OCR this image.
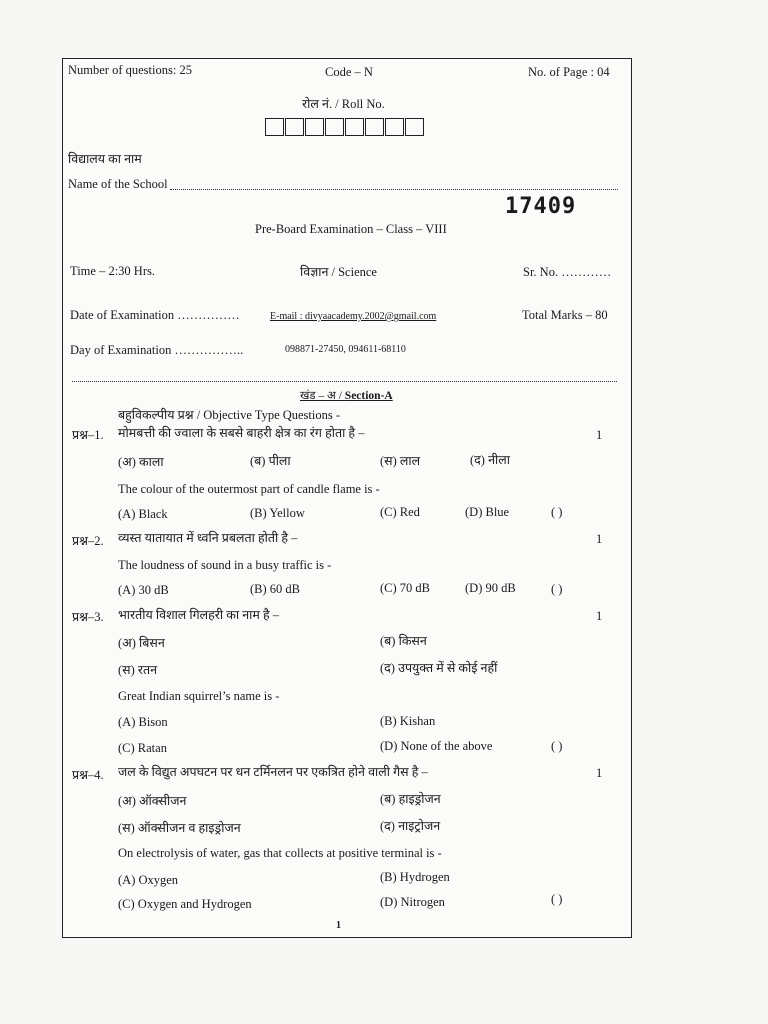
Number of questions: 25	Code – N	No. of Page : 04
रोल नं. / Roll No.
विद्यालय का नाम
Name of the School
17409
Pre-Board Examination – Class – VIII
Time – 2:30 Hrs.	विज्ञान / Science	Sr. No. …………
Date of Examination ……………	E-mail : divyaacademy.2002@gmail.com	Total Marks – 80
Day of Examination ……………..	098871-27450, 094611-68110
खंड – अ / Section-A
बहुविकल्पीय प्रश्न / Objective Type Questions -
प्रश्न–1. मोमबत्ती की ज्वाला के सबसे बाहरी क्षेत्र का रंग होता है –	1
(अ) काला	(ब) पीला	(स) लाल	(द) नीला
The colour of the outermost part of candle flame is -
(A) Black	(B) Yellow	(C) Red	(D) Blue	( )
प्रश्न–2. व्यस्त यातायात में ध्वनि प्रबलता होती है –	1
The loudness of sound in a busy traffic is -
(A) 30 dB	(B) 60 dB	(C) 70 dB	(D) 90 dB	( )
प्रश्न–3. भारतीय विशाल गिलहरी का नाम है –	1
(अ) बिसन	(ब) किसन
(स) रतन	(द) उपयुक्त में से कोई नहीं
Great Indian squirrel’s name is -
(A) Bison	(B) Kishan
(C) Ratan	(D) None of the above	( )
प्रश्न–4. जल के विद्युत अपघटन पर धन टर्मिनलन पर एकत्रित होने वाली गैस है –	1
(अ) ऑक्सीजन	(ब) हाइड्रोजन
(स) ऑक्सीजन व हाइड्रोजन	(द) नाइट्रोजन
On electrolysis of water, gas that collects at positive terminal is -
(A) Oxygen	(B) Hydrogen
(C) Oxygen and Hydrogen	(D) Nitrogen	( )
1
